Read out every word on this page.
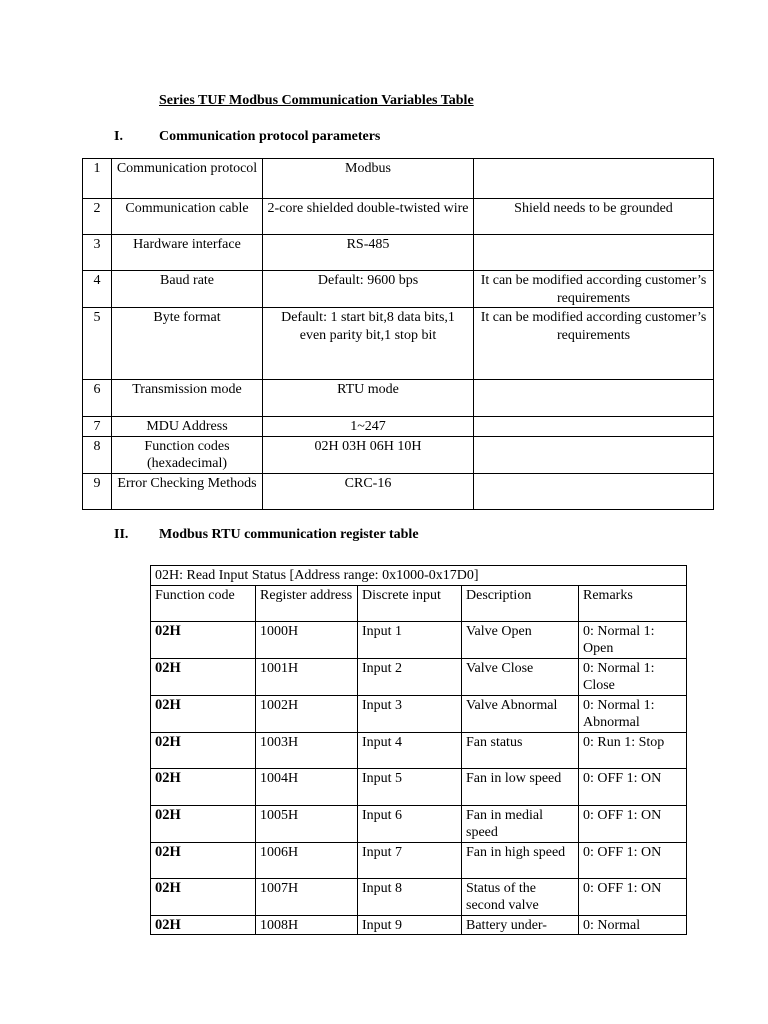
Series TUF Modbus Communication Variables Table
I.	Communication protocol parameters
1	Communication protocol	Modbus	
2	Communication cable	2-core shielded double-twisted wire	Shield needs to be grounded
3	Hardware interface	RS-485	
4	Baud rate	Default: 9600 bps	It can be modified according customer’s requirements
5	Byte format	Default: 1 start bit,8 data bits,1 even parity bit,1 stop bit	It can be modified according customer’s requirements
6	Transmission mode	RTU mode	
7	MDU Address	1~247	
8	Function codes (hexadecimal)	02H 03H 06H 10H	
9	Error Checking Methods	CRC-16	
II. Modbus RTU communication register table
02H: Read Input Status [Address range: 0x1000-0x17D0]				
Function code	Register address	Discrete input	Description	Remarks
02H	1000H	Input 1	Valve Open	0: Normal 1: Open
02H	1001H	Input 2	Valve Close	0: Normal 1: Close
02H	1002H	Input 3	Valve Abnormal	0: Normal 1: Abnormal
02H	1003H	Input 4	Fan status	0: Run 1: Stop
02H	1004H	Input 5	Fan in low speed	0: OFF 1: ON
02H	1005H	Input 6	Fan in medial speed	0: OFF 1: ON
02H	1006H	Input 7	Fan in high speed	0: OFF 1: ON
02H	1007H	Input 8	Status of the second valve	0: OFF 1: ON
02H	1008H	Input 9	Battery under-	0: Normal
